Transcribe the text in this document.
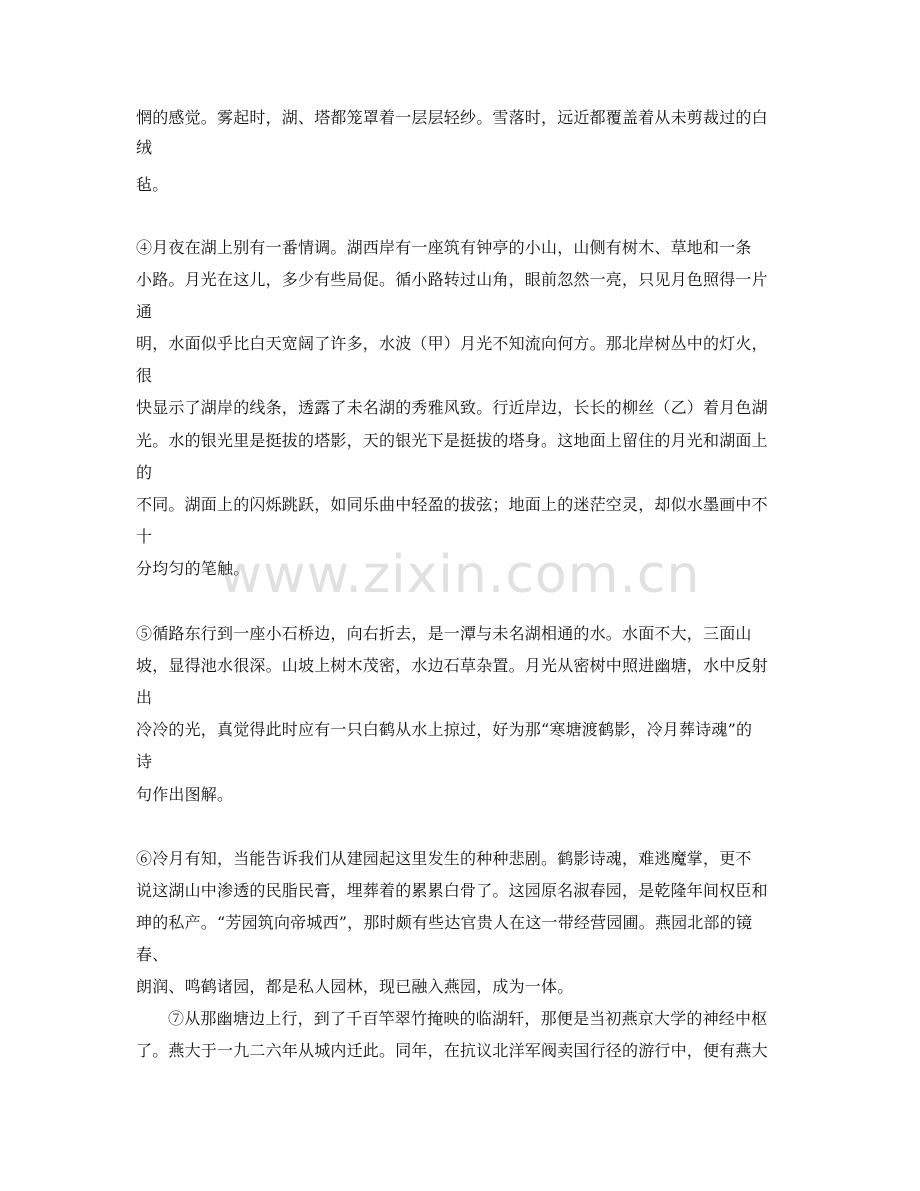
惘的感觉。雾起时，湖、塔都笼罩着一层层轻纱。雪落时，远近都覆盖着从未剪裁过的白
绒
毡。
④月夜在湖上别有一番情调。湖西岸有一座筑有钟亭的小山，山侧有树木、草地和一条
小路。月光在这儿，多少有些局促。循小路转过山角，眼前忽然一亮，只见月色照得一片
通
明，水面似乎比白天宽阔了许多，水波（甲）月光不知流向何方。那北岸树丛中的灯火，
很
快显示了湖岸的线条，透露了未名湖的秀雅风致。行近岸边，长长的柳丝（乙）着月色湖
光。水的银光里是挺拔的塔影，天的银光下是挺拔的塔身。这地面上留住的月光和湖面上
的
不同。湖面上的闪烁跳跃，如同乐曲中轻盈的拔弦；地面上的迷茫空灵，却似水墨画中不
十
分均匀的笔触。
⑤循路东行到一座小石桥边，向右折去，是一潭与未名湖相通的水。水面不大，三面山
坡，显得池水很深。山坡上树木茂密，水边石草杂置。月光从密树中照进幽塘，水中反射
出
冷冷的光，真觉得此时应有一只白鹤从水上掠过，好为那“寒塘渡鹤影，冷月葬诗魂”的
诗
句作出图解。
⑥冷月有知，当能告诉我们从建园起这里发生的种种悲剧。鹤影诗魂，难逃魔掌，更不
说这湖山中渗透的民脂民膏，埋葬着的累累白骨了。这园原名淑春园，是乾隆年间权臣和
珅的私产。“芳园筑向帝城西”，那时颇有些达官贵人在这一带经营园圃。燕园北部的镜
春、
朗润、鸣鹤诸园，都是私人园林，现已融入燕园，成为一体。
⑦从那幽塘边上行，到了千百竿翠竹掩映的临湖轩，那便是当初燕京大学的神经中枢
了。燕大于一九二六年从城内迁此。同年，在抗议北洋军阀卖国行径的游行中，便有燕大
www.zixin.com.cn
